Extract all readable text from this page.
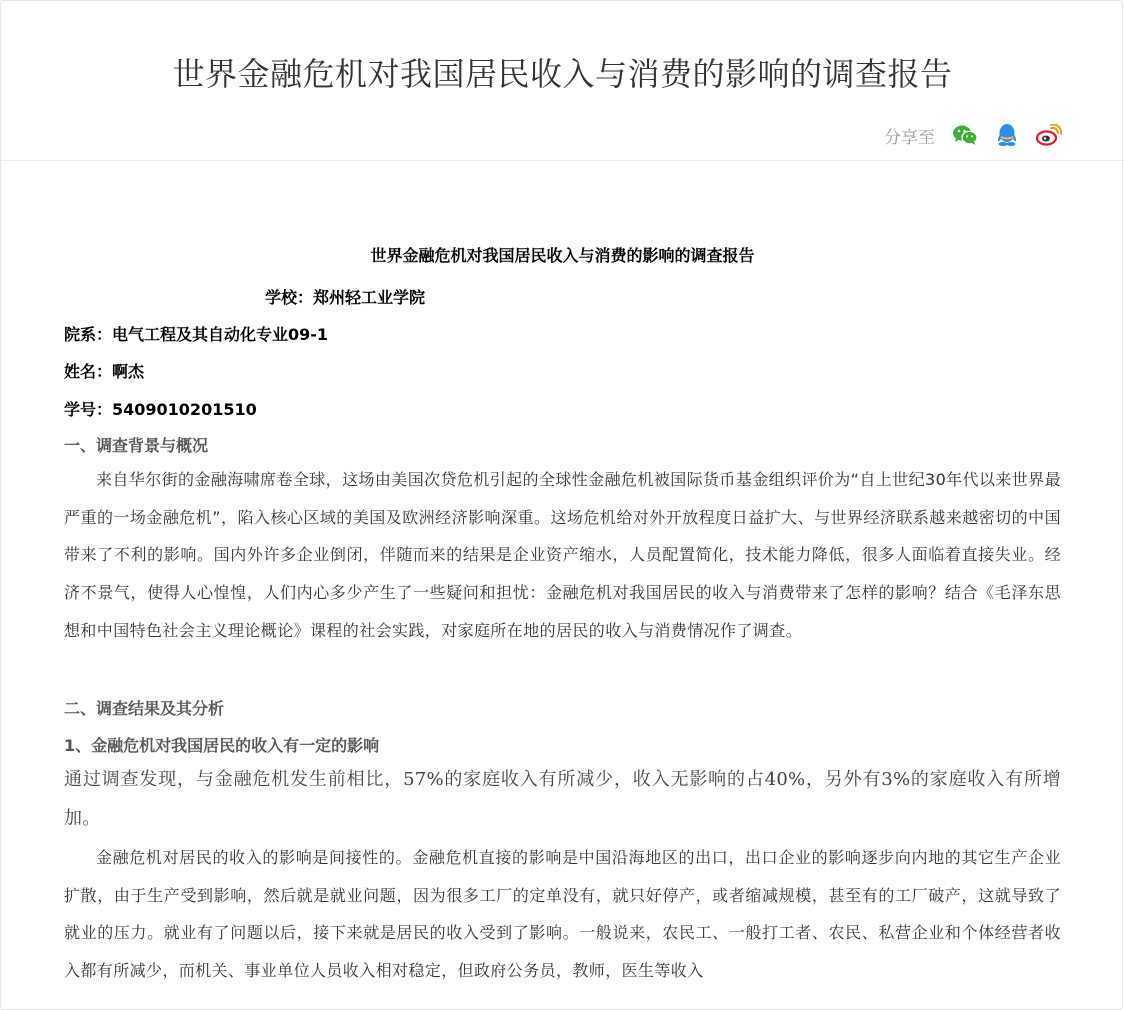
世界金融危机对我国居民收入与消费的影响的调查报告
分享至
世界金融危机对我国居民收入与消费的影响的调查报告
学校：郑州轻工业学院
院系：电气工程及其自动化专业09-1
姓名：啊杰
学号：5409010201510
一、调查背景与概况

来自华尔街的金融海啸席卷全球，这场由美国次贷危机引起的全球性金融危机被国际货币基金组织评价为“自上世纪30年代以来世界最严重的一场金融危机”，陷入核心区域的美国及欧洲经济影响深重。这场危机给对外开放程度日益扩大、与世界经济联系越来越密切的中国带来了不利的影响。国内外许多企业倒闭，伴随而来的结果是企业资产缩水，人员配置简化，技术能力降低，很多人面临着直接失业。经济不景气，使得人心惶惶，人们内心多少产生了一些疑问和担忧：金融危机对我国居民的收入与消费带来了怎样的影响？结合《毛泽东思想和中国特色社会主义理论概论》课程的社会实践，对家庭所在地的居民的收入与消费情况作了调查。

二、调查结果及其分析
1、金融危机对我国居民的收入有一定的影响

通过调查发现，与金融危机发生前相比，57%的家庭收入有所减少，收入无影响的占40%，另外有3%的家庭收入有所增加。

金融危机对居民的收入的影响是间接性的。金融危机直接的影响是中国沿海地区的出口，出口企业的影响逐步向内地的其它生产企业扩散，由于生产受到影响，然后就是就业问题，因为很多工厂的定单没有，就只好停产，或者缩减规模，甚至有的工厂破产，这就导致了就业的压力。就业有了问题以后，接下来就是居民的收入受到了影响。一般说来，农民工、一般打工者、农民、私营企业和个体经营者收入都有所减少，而机关、事业单位人员收入相对稳定，但政府公务员，教师，医生等收入
